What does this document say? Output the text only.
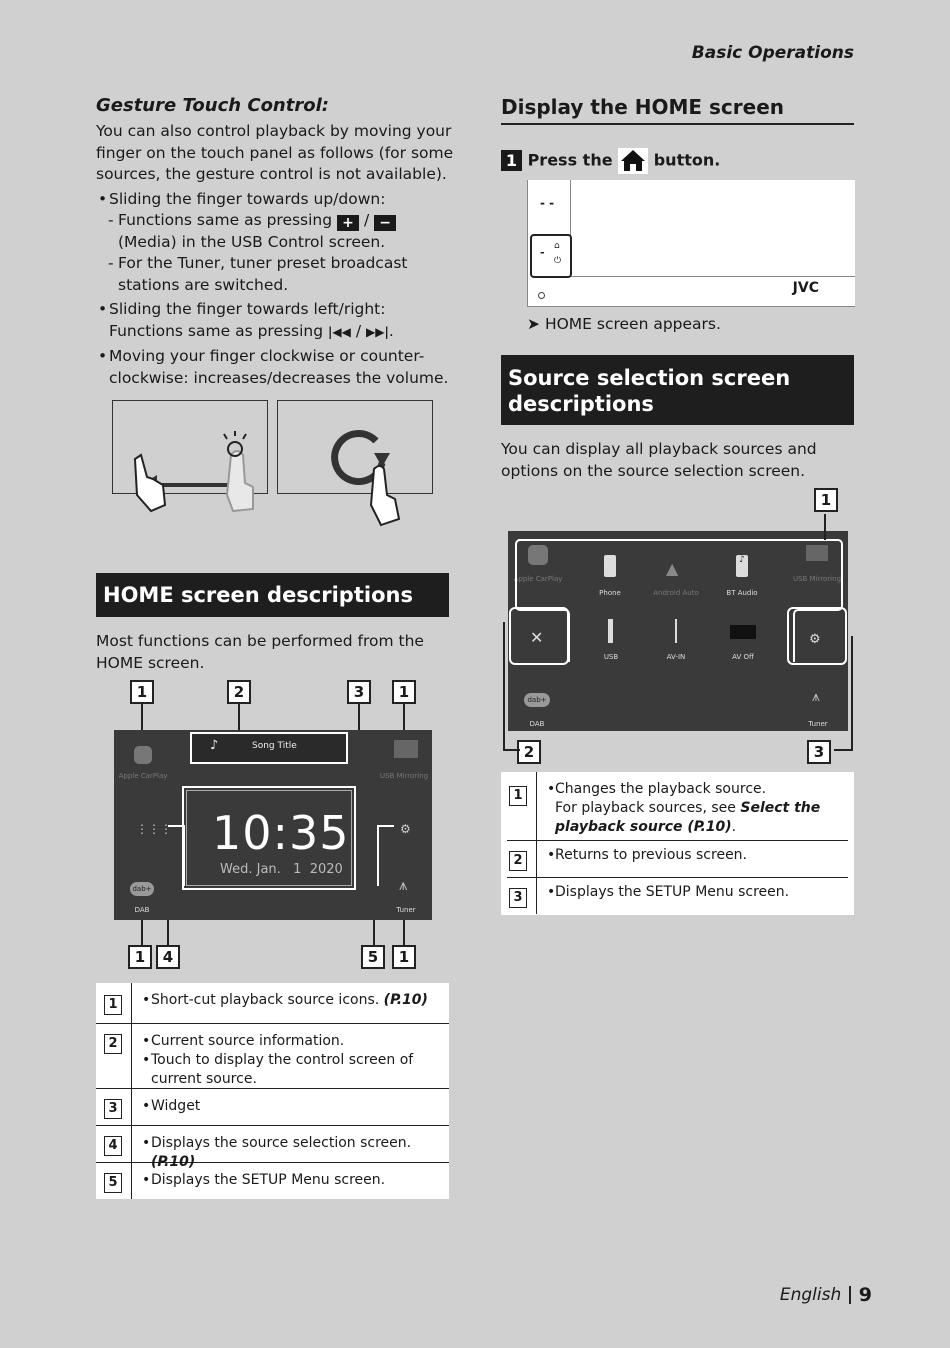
Basic Operations
Gesture Touch Control:
You can also control playback by moving your finger on the touch panel as follows (for some sources, the gesture control is not available).
• Sliding the finger towards up/down:
- Functions same as pressing + / −
(Media) in the USB Control screen.
- For the Tuner, tuner preset broadcast stations are switched.
• Sliding the finger towards left/right: Functions same as pressing |◀◀ / ▶▶|.
• Moving your finger clockwise or counter-clockwise: increases/decreases the volume.
HOME screen descriptions
Most functions can be performed from the HOME screen.
1	2	3	1
1	4	5	1
Apple CarPlay
♪	Song Title
USB Mirroring
10:35
Wed. Jan.   1  2020
⋮⋮⋮	⚙
dab+
DAB
⩚
Tuner
1	• Short-cut playback source icons. (P.10)
2	• Current source information.
• Touch to display the control screen of current source.
3	• Widget
4	• Displays the source selection screen. (P.10)
5	• Displays the SETUP Menu screen.
Display the HOME screen
1 Press the	button.
- -
- ⌂
⏻
JVC
➤ HOME screen appears.
Source selection screen
descriptions
You can display all playback sources and options on the source selection screen.
1
2	3
Apple CarPlay
Phone
▲
Android Auto
♪
BT Audio
USB Mirroring
USB	AV-IN	AV Off
dab+
DAB
⩚
Tuner
✕	⚙
1	• Changes the playback source.
For playback sources, see Select the playback source (P.10).
2	• Returns to previous screen.
3	• Displays the SETUP Menu screen.
English 9
